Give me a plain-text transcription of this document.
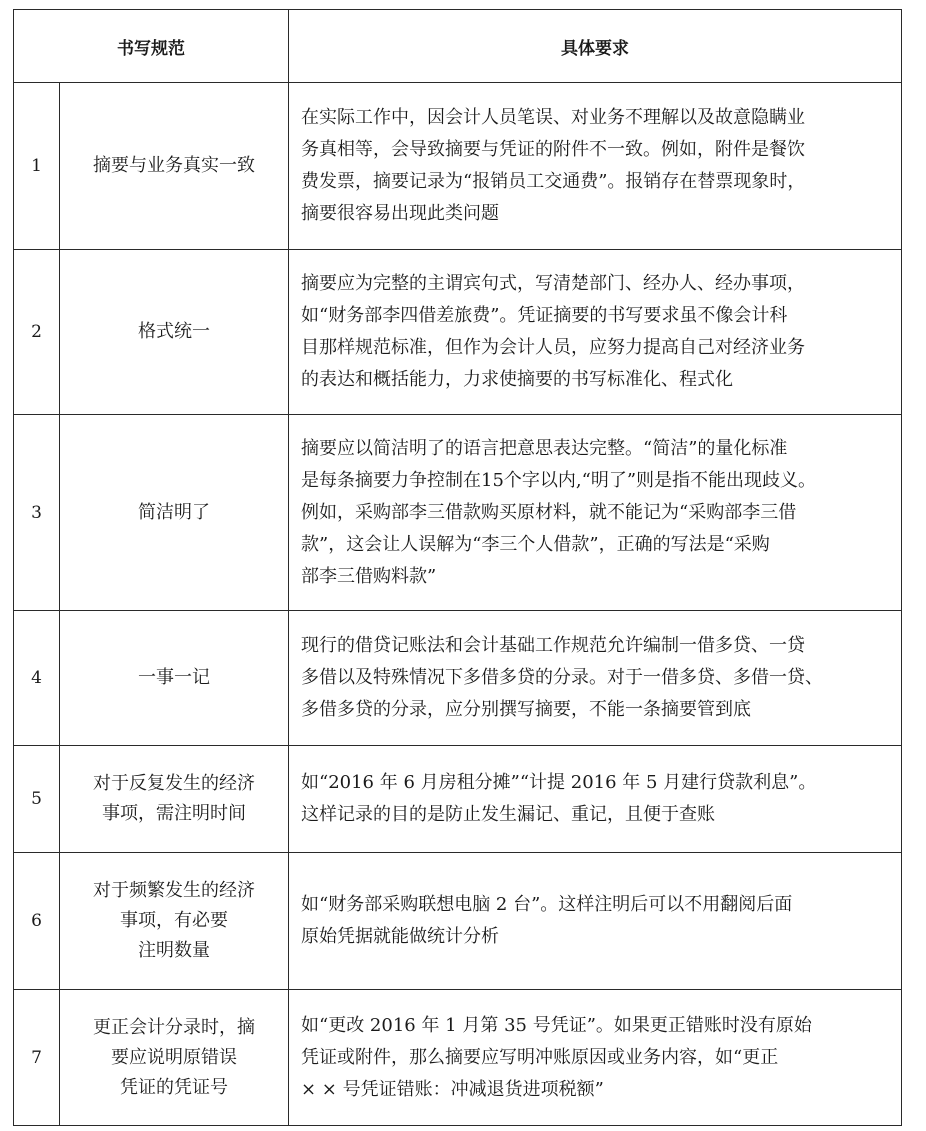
书写规范		具体要求
1	摘要与业务真实一致	在实际工作中，因会计人员笔误、对业务不理解以及故意隐瞒业
务真相等，会导致摘要与凭证的附件不一致。例如，附件是餐饮
费发票，摘要记录为“报销员工交通费”。报销存在替票现象时，
摘要很容易出现此类问题

2	格式统一	摘要应为完整的主谓宾句式，写清楚部门、经办人、经办事项，
如“财务部李四借差旅费”。凭证摘要的书写要求虽不像会计科
目那样规范标准，但作为会计人员，应努力提高自己对经济业务
的表达和概括能力，力求使摘要的书写标准化、程式化

3	简洁明了	摘要应以简洁明了的语言把意思表达完整。“简洁”的量化标准
是每条摘要力争控制在15个字以内,“明了”则是指不能出现歧义。
例如，采购部李三借款购买原材料，就不能记为“采购部李三借
款”，这会让人误解为“李三个人借款”，正确的写法是“采购
部李三借购料款”

4	一事一记	现行的借贷记账法和会计基础工作规范允许编制一借多贷、一贷
多借以及特殊情况下多借多贷的分录。对于一借多贷、多借一贷、
多借多贷的分录，应分别撰写摘要，不能一条摘要管到底

5	对于反复发生的经济
事项，需注明时间	如“2016 年 6 月房租分摊”“计提 2016 年 5 月建行贷款利息”。
这样记录的目的是防止发生漏记、重记，且便于查账

6	对于频繁发生的经济
事项，有必要
注明数量	如“财务部采购联想电脑 2 台”。这样注明后可以不用翻阅后面
原始凭据就能做统计分析

7	更正会计分录时，摘
要应说明原错误
凭证的凭证号	如“更改 2016 年 1 月第 35 号凭证”。如果更正错账时没有原始
凭证或附件，那么摘要应写明冲账原因或业务内容，如“更正
× × 号凭证错账：冲减退货进项税额”
